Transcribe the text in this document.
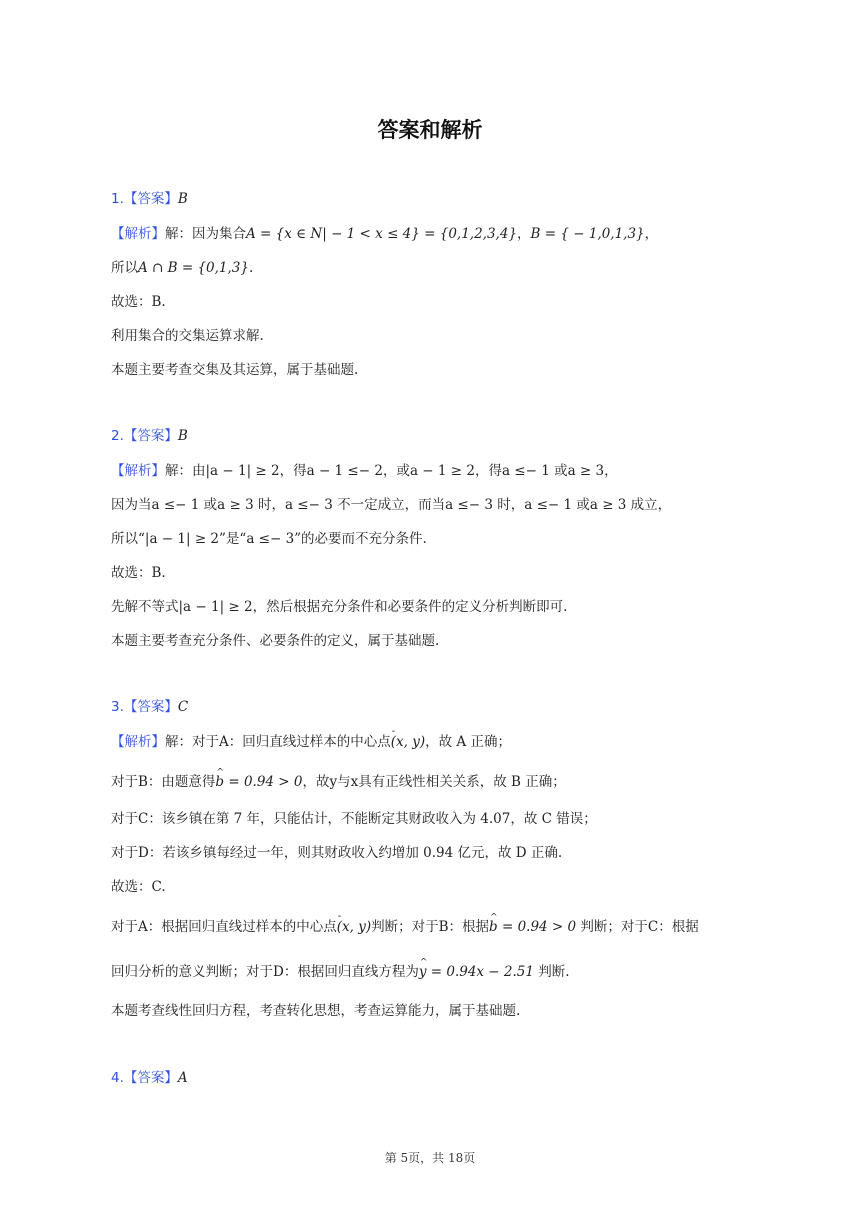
答案和解析
1.【答案】B
【解析】解：因为集合A = {x ∈ N| − 1 < x ≤ 4} = {0,1,2,3,4}，B = { − 1,0,1,3}，
所以A ∩ B = {0,1,3}.
故选：B.
利用集合的交集运算求解.
本题主要考查交集及其运算，属于基础题.
2.【答案】B
【解析】解：由|a − 1| ≥ 2，得a − 1 ≤− 2，或a − 1 ≥ 2，得a ≤− 1 或a ≥ 3，
因为当a ≤− 1 或a ≥ 3 时，a ≤− 3 不一定成立，而当a ≤− 3 时，a ≤− 1 或a ≥ 3 成立，
所以“|a − 1| ≥ 2”是“a ≤− 3”的必要而不充分条件.
故选：B.
先解不等式|a − 1| ≥ 2，然后根据充分条件和必要条件的定义分析判断即可.
本题主要考查充分条件、必要条件的定义，属于基础题.
3.【答案】C
【解析】解：对于A：回归直线过样本的中心点- (x, y)，故 A 正确；
对于B：由题意得^ b = 0.94 > 0，故y与x具有正线性相关关系，故 B 正确；
对于C：该乡镇在第 7 年，只能估计，不能断定其财政收入为 4.07，故 C 错误；
对于D：若该乡镇每经过一年，则其财政收入约增加 0.94 亿元，故 D 正确.
故选：C.
对于A：根据回归直线过样本的中心点- (x, y)判断；对于B：根据^ b = 0.94 > 0 判断；对于C：根据
回归分析的意义判断；对于D：根据回归直线方程为^ y = 0.94x − 2.51 判断.
本题考查线性回归方程，考查转化思想，考查运算能力，属于基础题.
4.【答案】A
第 5页，共 18页
